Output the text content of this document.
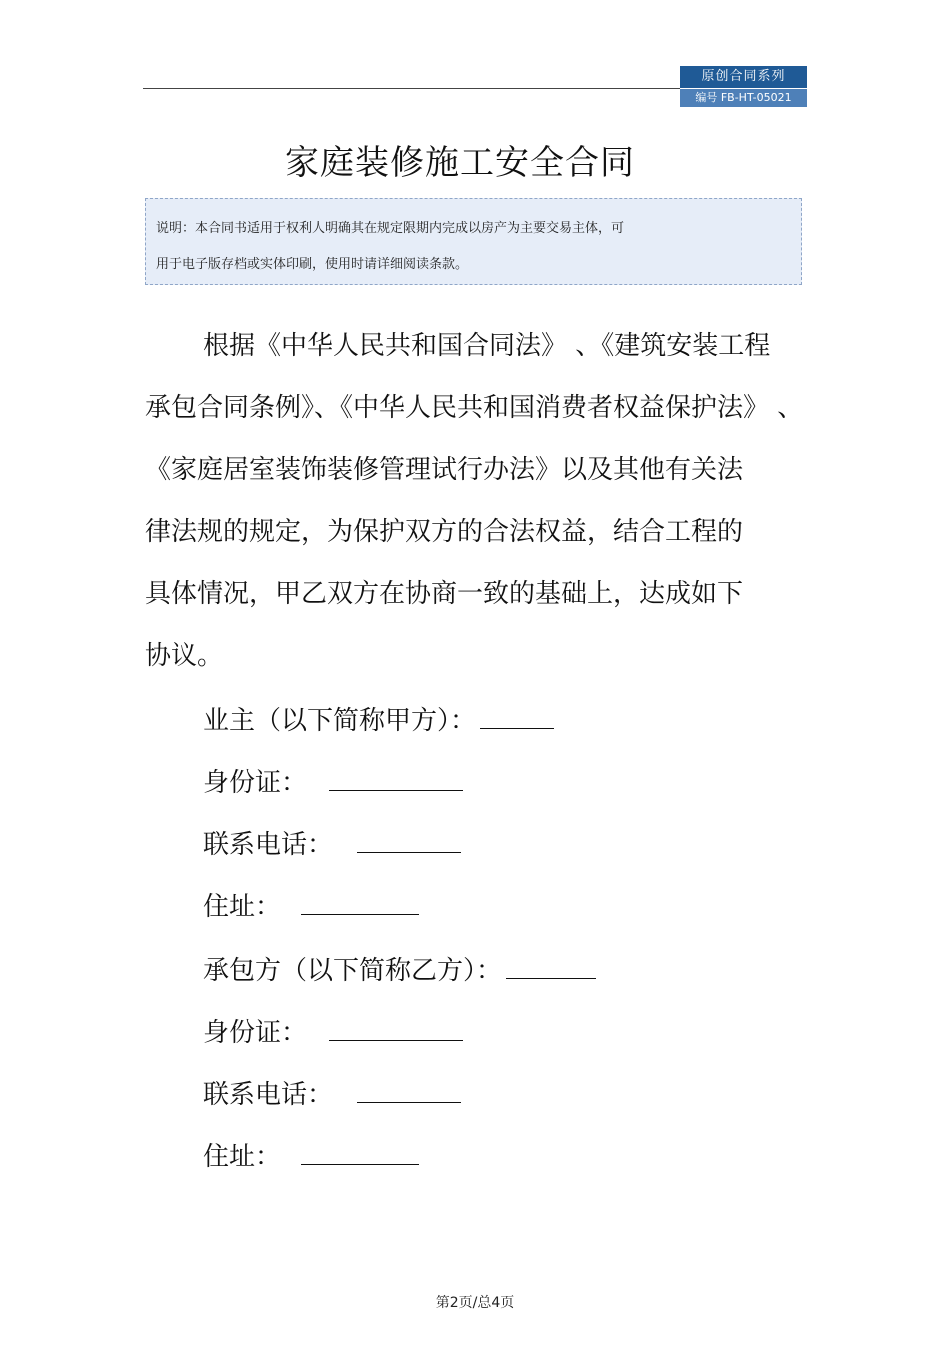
原创合同系列
编号 FB-HT-05021
家庭装修施工安全合同
说明：本合同书适用于权利人明确其在规定限期内完成以房产为主要交易主体，可
用于电子版存档或实体印刷，使用时请详细阅读条款。
根据《中华人民共和国合同法》 、《建筑安装工程
承包合同条例》、《中华人民共和国消费者权益保护法》 、
《家庭居室装饰装修管理试行办法》以及其他有关法
律法规的规定，为保护双方的合法权益，结合工程的
具体情况，甲乙双方在协商一致的基础上，达成如下
协议。
业主（以下简称甲方）：
身份证：
联系电话：
住址：
承包方（以下简称乙方）：
身份证：
联系电话：
住址：
第2页/总4页
